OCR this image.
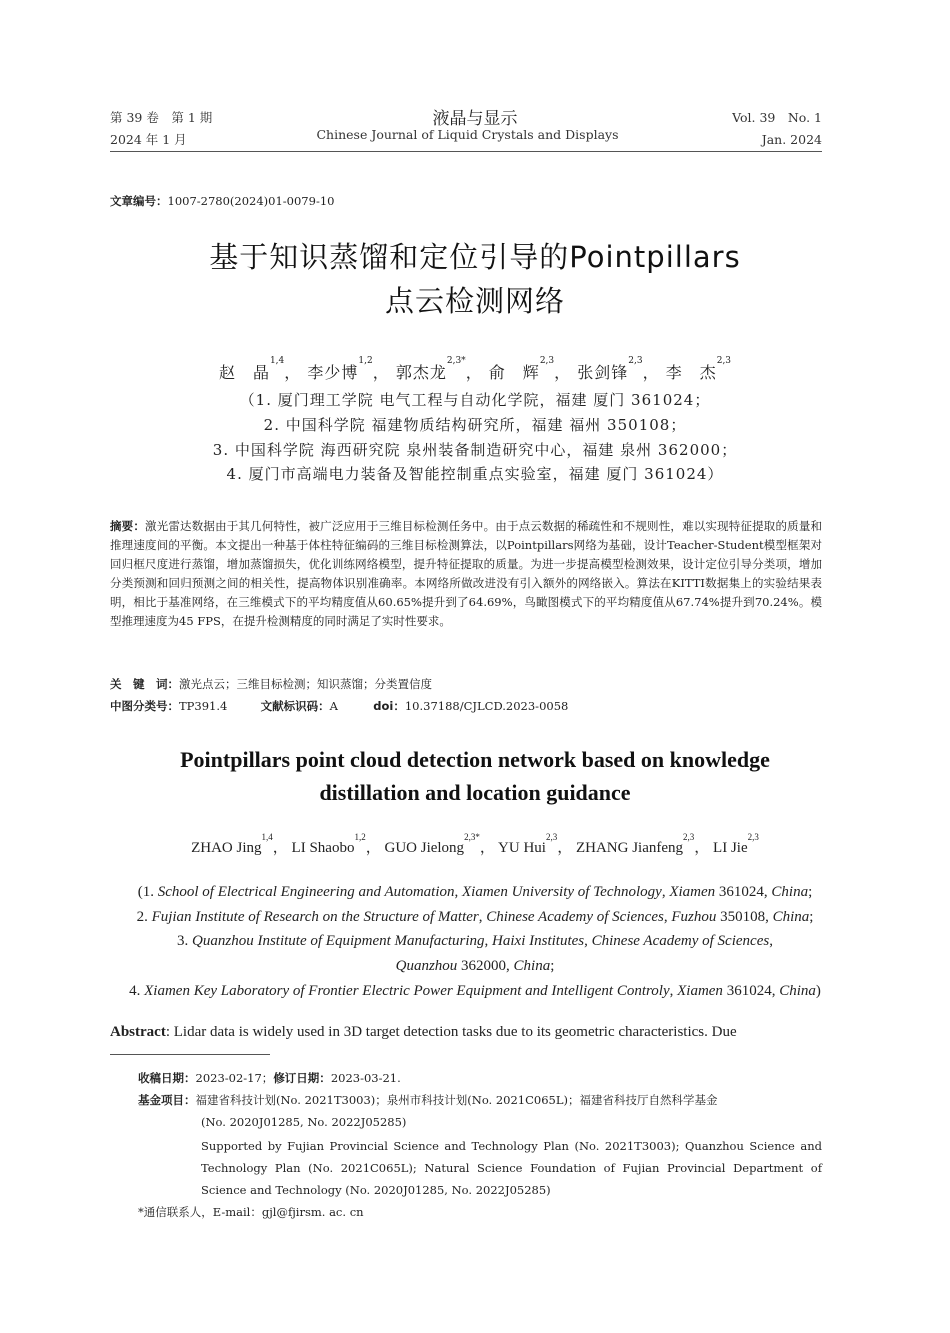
第 39 卷　第 1 期
2024 年 1 月
液晶与显示
Chinese Journal of Liquid Crystals and Displays
Vol. 39　No. 1
Jan. 2024
文章编号：1007-2780(2024)01-0079-10
基于知识蒸馏和定位引导的Pointpillars
点云检测网络
赵　晶$^{1,4}$， 李少博$^{1,2}$， 郭杰龙$^{2,3*}$， 俞　辉$^{2,3}$， 张剑锋$^{2,3}$， 李　杰$^{2,3}$
（1. 厦门理工学院 电气工程与自动化学院，福建 厦门 361024；
2. 中国科学院 福建物质结构研究所，福建 福州 350108；
3. 中国科学院 海西研究院 泉州装备制造研究中心，福建 泉州 362000；
4. 厦门市高端电力装备及智能控制重点实验室，福建 厦门 361024）
摘要：激光雷达数据由于其几何特性，被广泛应用于三维目标检测任务中。由于点云数据的稀疏性和不规则性，难以实现特征提取的质量和推理速度间的平衡。本文提出一种基于体柱特征编码的三维目标检测算法，以Pointpillars网络为基础，设计Teacher-Student模型框架对回归框尺度进行蒸馏，增加蒸馏损失，优化训练网络模型，提升特征提取的质量。为进一步提高模型检测效果，设计定位引导分类项，增加分类预测和回归预测之间的相关性，提高物体识别准确率。本网络所做改进没有引入额外的网络嵌入。算法在KITTI数据集上的实验结果表明，相比于基准网络，在三维模式下的平均精度值从60.65%提升到了64.69%，鸟瞰图模式下的平均精度值从67.74%提升到70.24%。模型推理速度为45 FPS，在提升检测精度的同时满足了实时性要求。
关　键　词：激光点云；三维目标检测；知识蒸馏；分类置信度
中图分类号：TP391.4	文献标识码：A	doi：10.37188/CJLCD.2023-0058
Pointpillars point cloud detection network based on knowledge
distillation and location guidance
ZHAO Jing$^{1,4}$， LI Shaobo$^{1,2}$， GUO Jielong$^{2,3*}$， YU Hui$^{2,3}$， ZHANG Jianfeng$^{2,3}$， LI Jie$^{2,3}$
(1. School of Electrical Engineering and Automation, Xiamen University of Technology, Xiamen 361024, China;
2. Fujian Institute of Research on the Structure of Matter, Chinese Academy of Sciences, Fuzhou 350108, China;
3. Quanzhou Institute of Equipment Manufacturing, Haixi Institutes, Chinese Academy of Sciences,
Quanzhou 362000, China;
4. Xiamen Key Laboratory of Frontier Electric Power Equipment and Intelligent Controly, Xiamen 361024, China)
Abstract: Lidar data is widely used in 3D target detection tasks due to its geometric characteristics. Due
收稿日期：2023-02-17；修订日期：2023-03-21.
基金项目：福建省科技计划(No. 2021T3003)；泉州市科技计划(No. 2021C065L)；福建省科技厅自然科学基金
(No. 2020J01285, No. 2022J05285)
Supported by Fujian Provincial Science and Technology Plan (No. 2021T3003); Quanzhou Science and
Technology Plan (No. 2021C065L); Natural Science Foundation of Fujian Provincial Department of
Science and Technology (No. 2020J01285, No. 2022J05285)
*通信联系人，E-mail：gjl@fjirsm. ac. cn
